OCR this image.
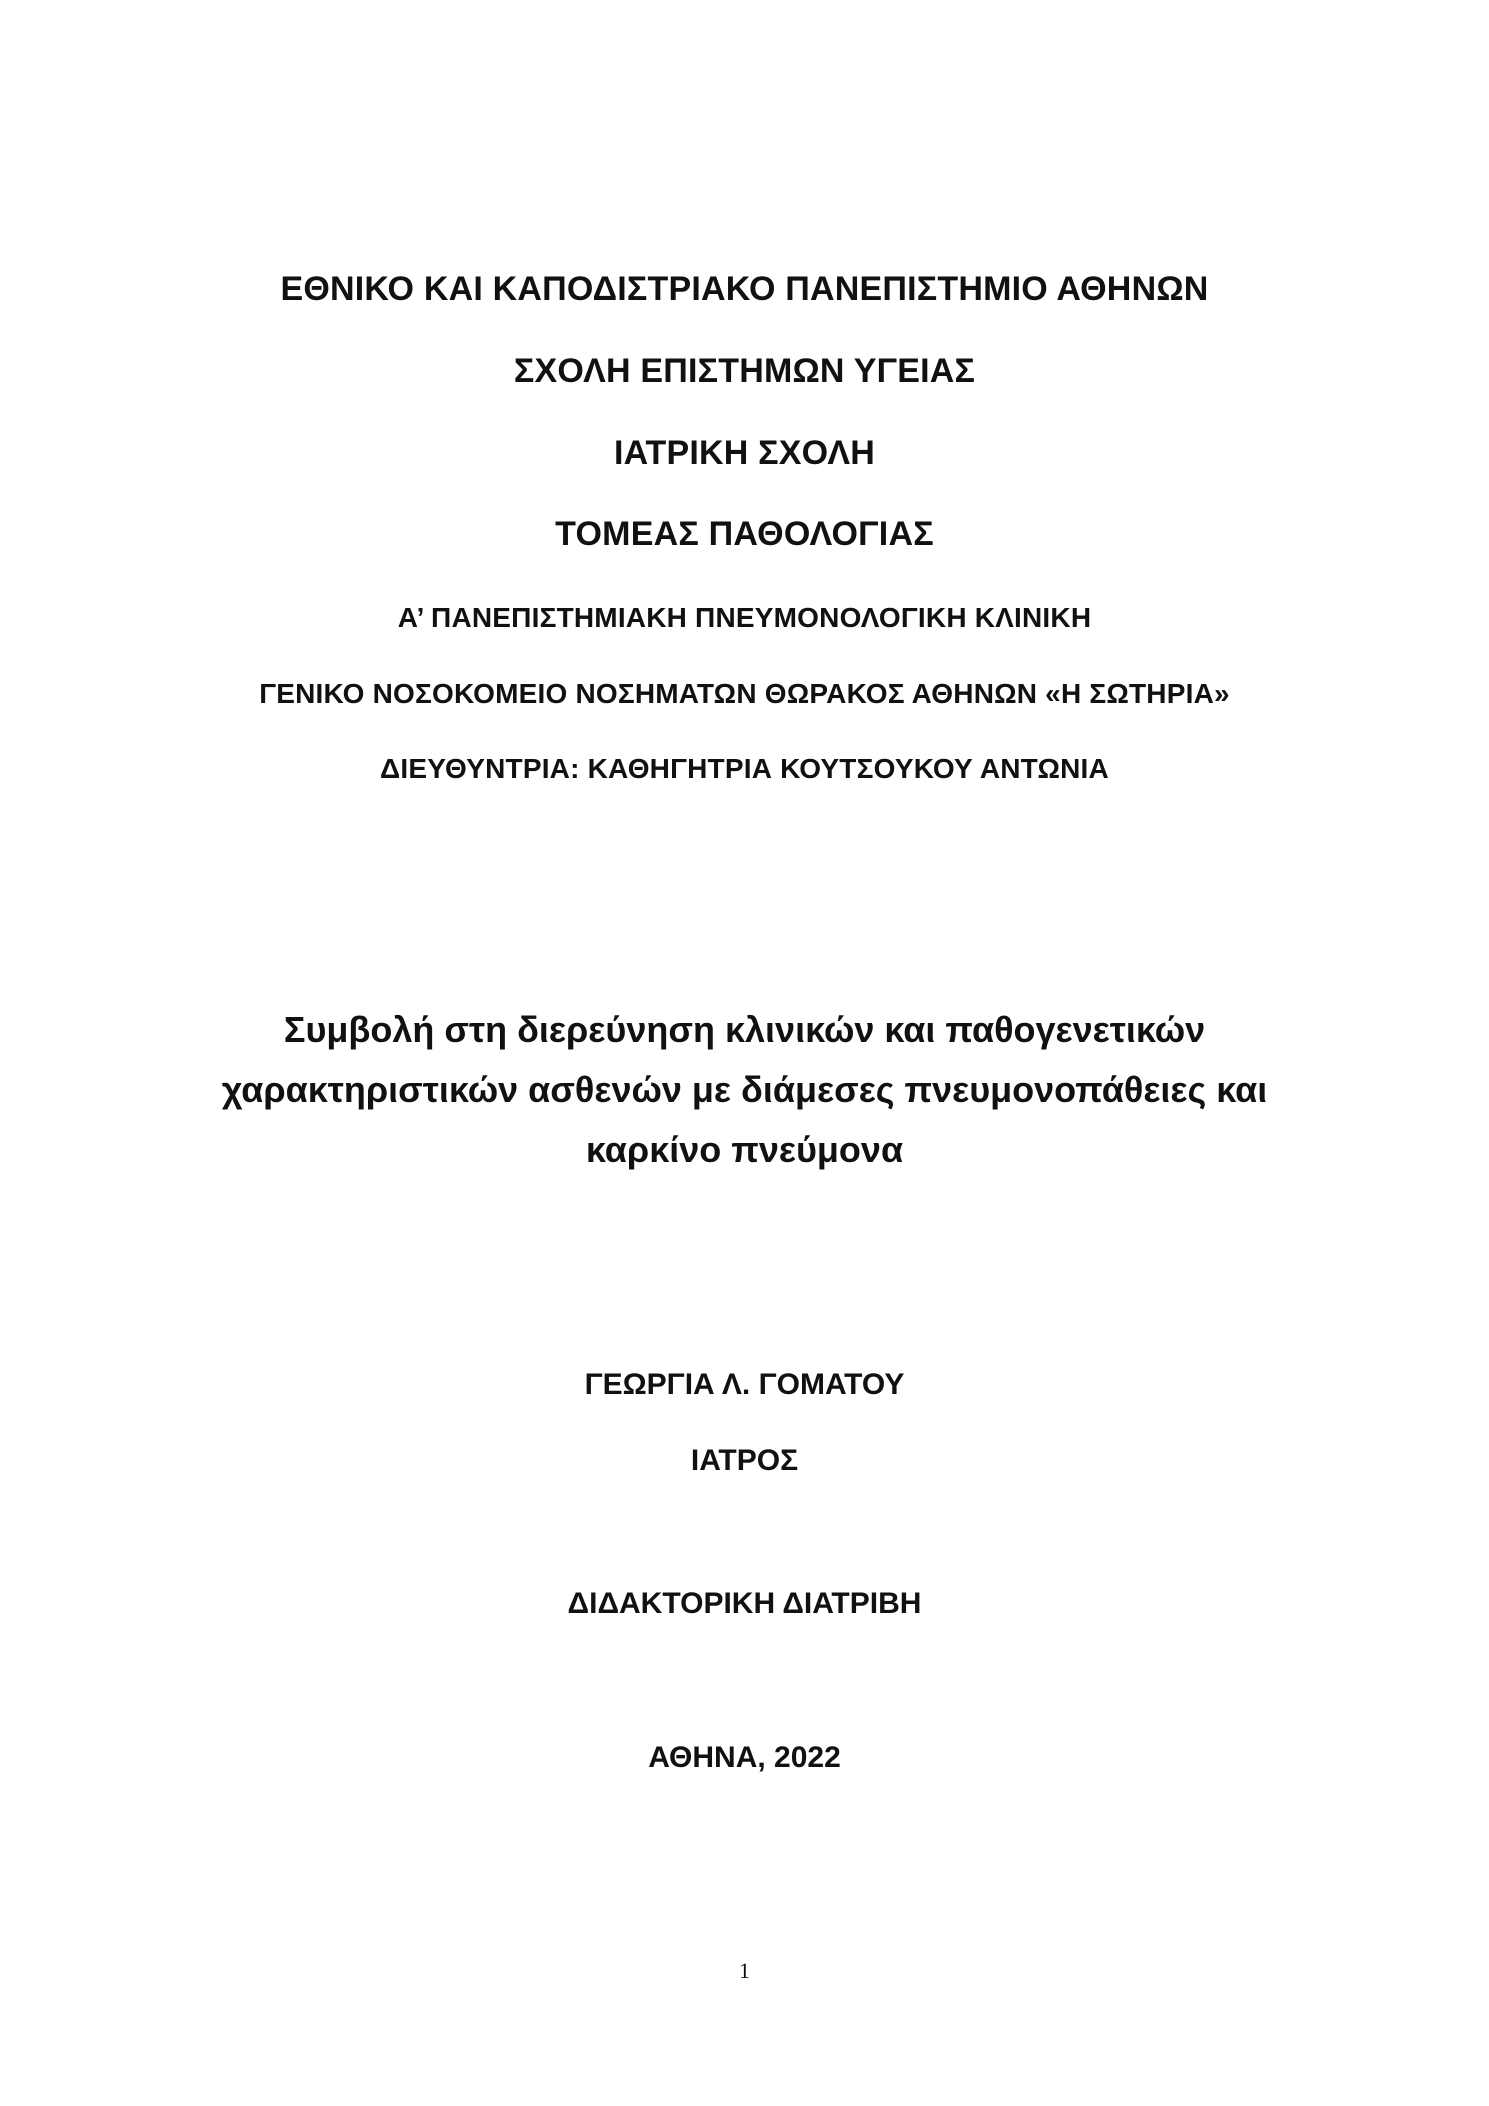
ΕΘΝΙΚΟ ΚΑΙ ΚΑΠΟΔΙΣΤΡΙΑΚΟ ΠΑΝΕΠΙΣΤΗΜΙΟ ΑΘΗΝΩΝ
ΣΧΟΛΗ ΕΠΙΣΤΗΜΩΝ ΥΓΕΙΑΣ
ΙΑΤΡΙΚΗ ΣΧΟΛΗ
ΤΟΜΕΑΣ ΠΑΘΟΛΟΓΙΑΣ
Α’ ΠΑΝΕΠΙΣΤΗΜΙΑΚΗ ΠΝΕΥΜΟΝΟΛΟΓΙΚΗ ΚΛΙΝΙΚΗ
ΓΕΝΙΚΟ ΝΟΣΟΚΟΜΕΙΟ ΝΟΣΗΜΑΤΩΝ ΘΩΡΑΚΟΣ ΑΘΗΝΩΝ «Η ΣΩΤΗΡΙΑ»
ΔΙΕΥΘΥΝΤΡΙΑ: ΚΑΘΗΓΗΤΡΙΑ ΚΟΥΤΣΟΥΚΟΥ ΑΝΤΩΝΙΑ
Συμβολή στη διερεύνηση κλινικών και παθογενετικών
χαρακτηριστικών ασθενών με διάμεσες πνευμονοπάθειες και
καρκίνο πνεύμονα
ΓΕΩΡΓΙΑ Λ. ΓΟΜΑΤΟΥ
ΙΑΤΡΟΣ
ΔΙΔΑΚΤΟΡΙΚΗ ΔΙΑΤΡΙΒΗ
ΑΘΗΝΑ, 2022
1
